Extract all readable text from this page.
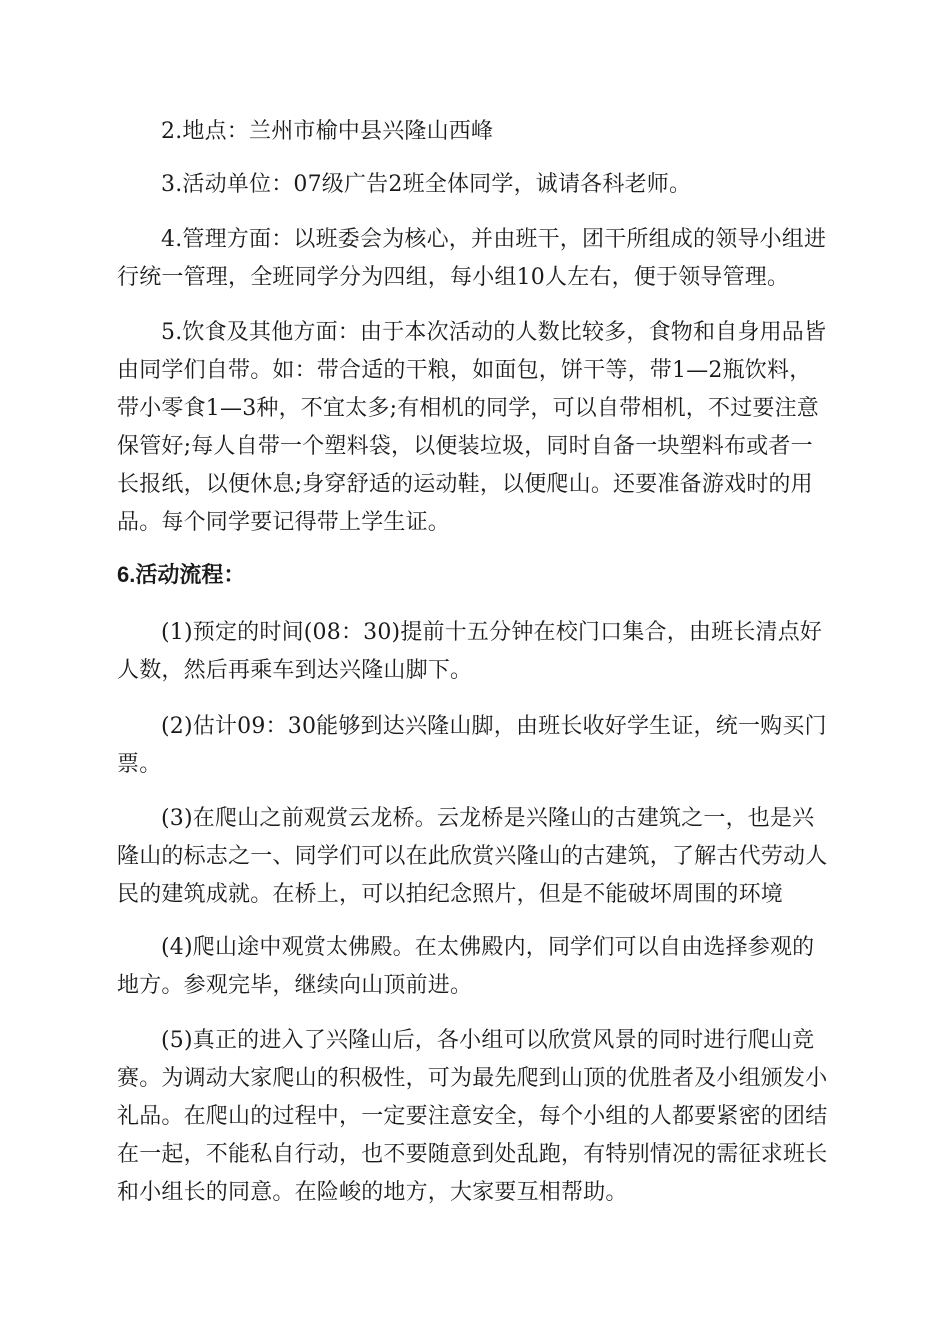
2.地点：兰州市榆中县兴隆山西峰

3.活动单位：07级广告2班全体同学，诚请各科老师。

4.管理方面：以班委会为核心，并由班干，团干所组成的领导小组进行统一管理，全班同学分为四组，每小组10人左右，便于领导管理。

5.饮食及其他方面：由于本次活动的人数比较多，食物和自身用品皆由同学们自带。如：带合适的干粮，如面包，饼干等，带1—2瓶饮料，带小零食1—3种，不宜太多;有相机的同学，可以自带相机，不过要注意保管好;每人自带一个塑料袋，以便装垃圾，同时自备一块塑料布或者一长报纸，以便休息;身穿舒适的运动鞋，以便爬山。还要准备游戏时的用品。每个同学要记得带上学生证。

6.活动流程：

(1)预定的时间(08：30)提前十五分钟在校门口集合，由班长清点好人数，然后再乘车到达兴隆山脚下。

(2)估计09：30能够到达兴隆山脚，由班长收好学生证，统一购买门票。

(3)在爬山之前观赏云龙桥。云龙桥是兴隆山的古建筑之一，也是兴隆山的标志之一、同学们可以在此欣赏兴隆山的古建筑，了解古代劳动人民的建筑成就。在桥上，可以拍纪念照片，但是不能破坏周围的环境

(4)爬山途中观赏太佛殿。在太佛殿内，同学们可以自由选择参观的地方。参观完毕，继续向山顶前进。

(5)真正的进入了兴隆山后，各小组可以欣赏风景的同时进行爬山竞赛。为调动大家爬山的积极性，可为最先爬到山顶的优胜者及小组颁发小礼品。在爬山的过程中，一定要注意安全，每个小组的人都要紧密的团结在一起，不能私自行动，也不要随意到处乱跑，有特别情况的需征求班长和小组长的同意。在险峻的地方，大家要互相帮助。
